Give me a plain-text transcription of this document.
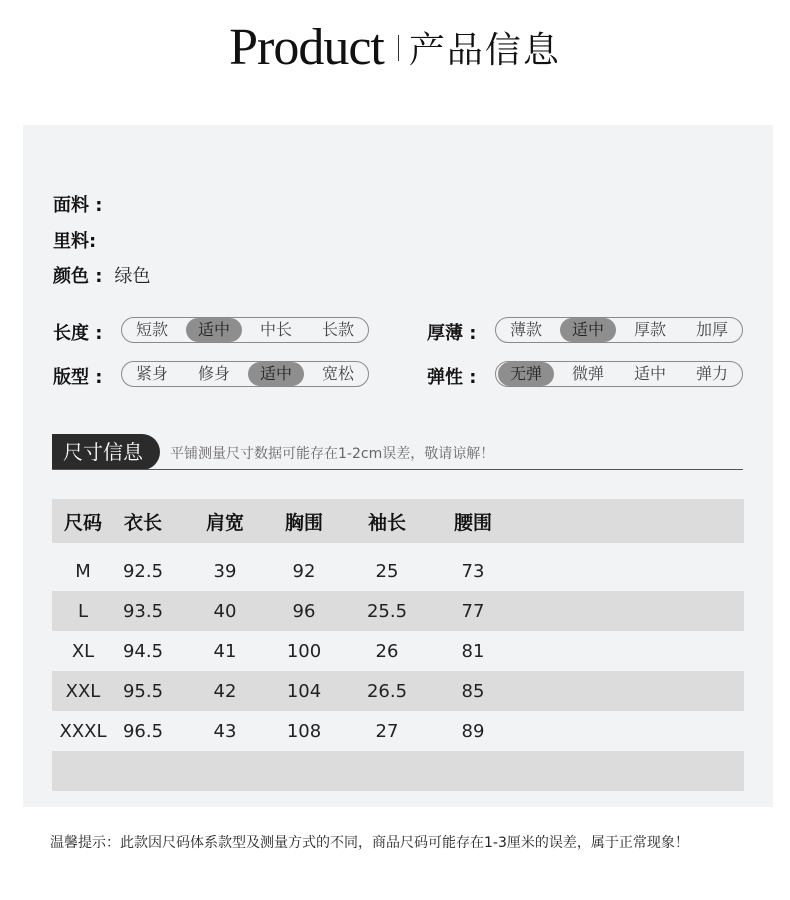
Product 产品信息
面料 :
里料:
颜色 : 绿色
长度 :	短款	适中	中长	长款	厚薄 :	薄款	适中	厚款	加厚
版型 :	紧身	修身	适中	宽松	弹性 :	无弹	微弹	适中	弹力
尺寸信息	平铺测量尺寸数据可能存在1-2cm误差，敬请谅解！
尺码	衣长	肩宽	胸围	袖长	腰围
M	92.5	39	92	25	73
L	93.5	40	96	25.5	77
XL	94.5	41	100	26	81
XXL	95.5	42	104	26.5	85
XXXL 96.5	43	108	27	89
温馨提示：此款因尺码体系款型及测量方式的不同，商品尺码可能存在1-3厘米的误差，属于正常现象！
